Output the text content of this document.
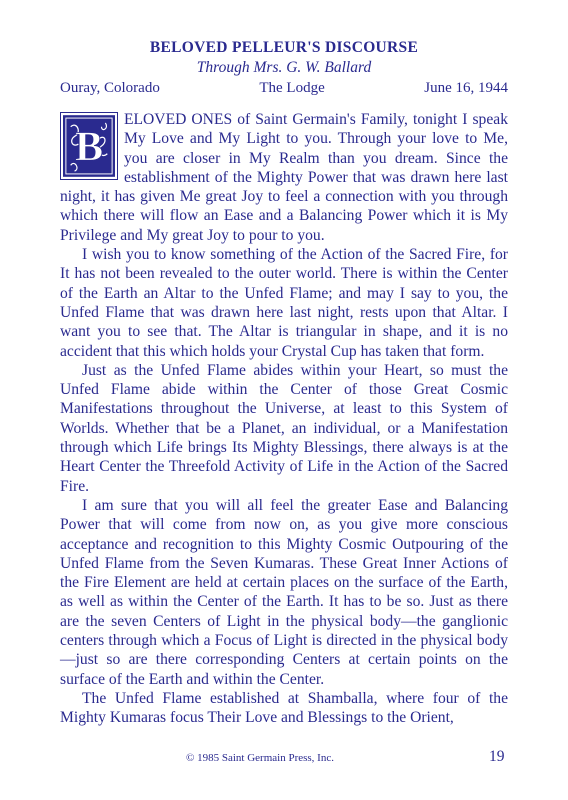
BELOVED PELLEUR'S DISCOURSE
Through Mrs. G. W. Ballard
Ouray, Colorado	The Lodge	June 16, 1944

B
ELOVED ONES of Saint Germain's Family, tonight I speak My Love and My Light to you. Through your love to Me, you are closer in My Realm than you dream. Since the establishment of the Mighty Power that was drawn here last night, it has given Me great Joy to feel a connection with you through which there will flow an Ease and a Balancing Power which it is My Privilege and My great Joy to pour to you.

I wish you to know something of the Action of the Sacred Fire, for It has not been revealed to the outer world. There is within the Center of the Earth an Altar to the Unfed Flame; and may I say to you, the Unfed Flame that was drawn here last night, rests upon that Altar. I want you to see that. The Altar is triangular in shape, and it is no accident that this which holds your Crystal Cup has taken that form.

Just as the Unfed Flame abides within your Heart, so must the Unfed Flame abide within the Center of those Great Cosmic Manifestations throughout the Universe, at least to this System of Worlds. Whether that be a Planet, an individual, or a Manifestation through which Life brings Its Mighty Blessings, there always is at the Heart Center the Threefold Activity of Life in the Action of the Sacred Fire.

I am sure that you will all feel the greater Ease and Balancing Power that will come from now on, as you give more conscious acceptance and recognition to this Mighty Cosmic Outpouring of the Unfed Flame from the Seven Kumaras. These Great Inner Actions of the Fire Element are held at certain places on the surface of the Earth, as well as within the Center of the Earth. It has to be so. Just as there are the seven Centers of Light in the physical body—the ganglionic centers through which a Focus of Light is directed in the physical body—just so are there corresponding Centers at certain points on the surface of the Earth and within the Center.

The Unfed Flame established at Shamballa, where four of the Mighty Kumaras focus Their Love and Blessings to the Orient,

© 1985 Saint Germain Press, Inc.	19
